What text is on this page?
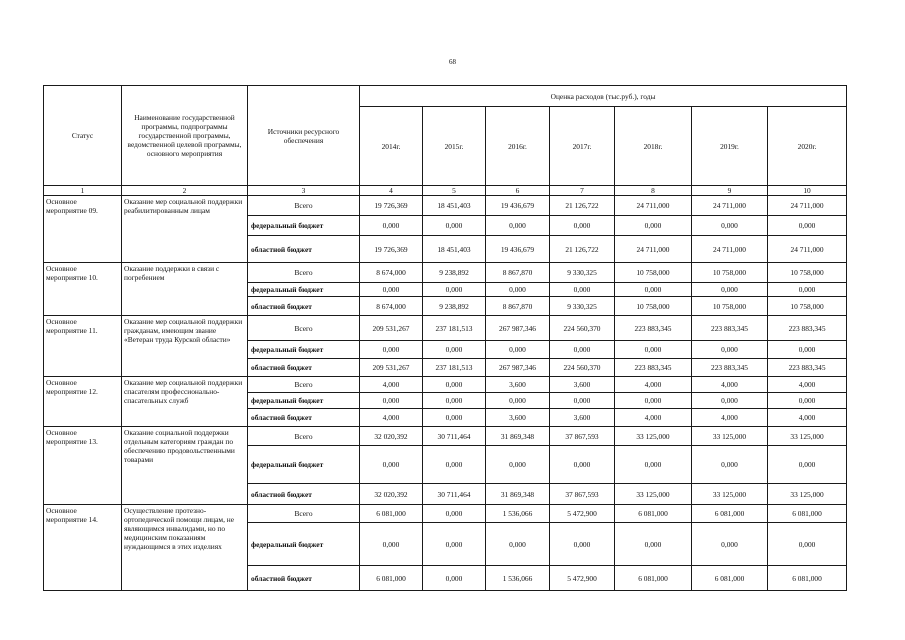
68
Статус	Наименование государственной программы, подпрограммы государственной программы, ведомственной целевой программы, основного мероприятия	Источники ресурсного обеспечения	Оценка расходов (тыс.руб.), годы						
			2014г.	2015г.	2016г.	2017г.	2018г.	2019г.	2020г.
1	2	3	4	5	6	7	8	9	10
Основное мероприятие 09.	Оказание мер социальной поддержки реабилитированным лицам	Всего	19 726,369	18 451,403	19 436,679	21 126,722	24 711,000	24 711,000	24 711,000
		федеральный бюджет	0,000	0,000	0,000	0,000	0,000	0,000	0,000
		областной бюджет	19 726,369	18 451,403	19 436,679	21 126,722	24 711,000	24 711,000	24 711,000
Основное мероприятие 10.	Оказание поддержки в связи с погребением	Всего	8 674,000	9 238,892	8 867,870	9 330,325	10 758,000	10 758,000	10 758,000
		федеральный бюджет	0,000	0,000	0,000	0,000	0,000	0,000	0,000
		областной бюджет	8 674,000	9 238,892	8 867,870	9 330,325	10 758,000	10 758,000	10 758,000
Основное мероприятие 11.	Оказание мер социальной поддержки гражданам, имеющим звание «Ветеран труда Курской области»	Всего	209 531,267	237 181,513	267 987,346	224 560,370	223 883,345	223 883,345	223 883,345
		федеральный бюджет	0,000	0,000	0,000	0,000	0,000	0,000	0,000
		областной бюджет	209 531,267	237 181,513	267 987,346	224 560,370	223 883,345	223 883,345	223 883,345
Основное мероприятие 12.	Оказание мер социальной поддержки спасателям профессионально-спасательных служб	Всего	4,000	0,000	3,600	3,600	4,000	4,000	4,000
		федеральный бюджет	0,000	0,000	0,000	0,000	0,000	0,000	0,000
		областной бюджет	4,000	0,000	3,600	3,600	4,000	4,000	4,000
Основное мероприятие 13.	Оказание социальной поддержки отдельным категориям граждан по обеспечению продовольственными товарами	Всего	32 020,392	30 711,464	31 869,348	37 867,593	33 125,000	33 125,000	33 125,000
		федеральный бюджет	0,000	0,000	0,000	0,000	0,000	0,000	0,000
		областной бюджет	32 020,392	30 711,464	31 869,348	37 867,593	33 125,000	33 125,000	33 125,000
Основное мероприятие 14.	Осуществление протезно-ортопедической помощи лицам, не являющимся инвалидами, но по медицинским показаниям нуждающимся в этих изделиях	Всего	6 081,000	0,000	1 536,066	5 472,900	6 081,000	6 081,000	6 081,000
		федеральный бюджет	0,000	0,000	0,000	0,000	0,000	0,000	0,000
		областной бюджет	6 081,000	0,000	1 536,066	5 472,900	6 081,000	6 081,000	6 081,000
